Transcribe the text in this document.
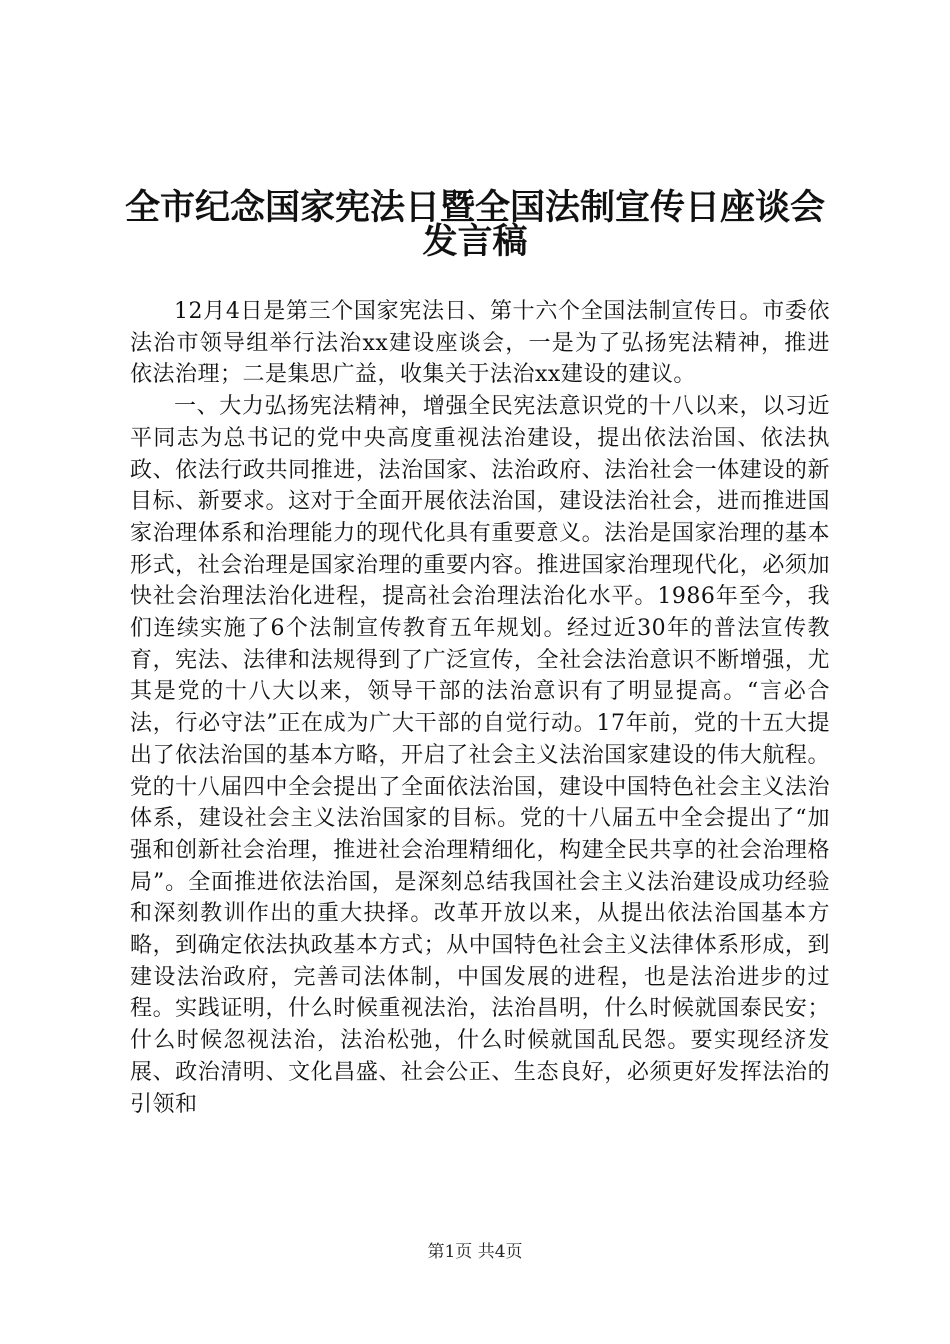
全市纪念国家宪法日暨全国法制宣传日座谈会
发言稿

12月4日是第三个国家宪法日、第十六个全国法制宣传日。市委依法治市领导组举行法治xx建设座谈会，一是为了弘扬宪法精神，推进依法治理；二是集思广益，收集关于法治xx建设的建议。

一、大力弘扬宪法精神，增强全民宪法意识党的十八以来，以习近平同志为总书记的党中央高度重视法治建设，提出依法治国、依法执政、依法行政共同推进，法治国家、法治政府、法治社会一体建设的新目标、新要求。这对于全面开展依法治国，建设法治社会，进而推进国家治理体系和治理能力的现代化具有重要意义。法治是国家治理的基本形式，社会治理是国家治理的重要内容。推进国家治理现代化，必须加快社会治理法治化进程，提高社会治理法治化水平。1986年至今，我们连续实施了6个法制宣传教育五年规划。经过近30年的普法宣传教育，宪法、法律和法规得到了广泛宣传，全社会法治意识不断增强，尤其是党的十八大以来，领导干部的法治意识有了明显提高。“言必合法，行必守法”正在成为广大干部的自觉行动。17年前，党的十五大提出了依法治国的基本方略，开启了社会主义法治国家建设的伟大航程。党的十八届四中全会提出了全面依法治国，建设中国特色社会主义法治体系，建设社会主义法治国家的目标。党的十八届五中全会提出了“加强和创新社会治理，推进社会治理精细化，构建全民共享的社会治理格局”。全面推进依法治国，是深刻总结我国社会主义法治建设成功经验和深刻教训作出的重大抉择。改革开放以来，从提出依法治国基本方略，到确定依法执政基本方式；从中国特色社会主义法律体系形成，到建设法治政府，完善司法体制，中国发展的进程，也是法治进步的过程。实践证明，什么时候重视法治，法治昌明，什么时候就国泰民安；什么时候忽视法治，法治松弛，什么时候就国乱民怨。要实现经济发展、政治清明、文化昌盛、社会公正、生态良好，必须更好发挥法治的引领和

第1页 共4页
